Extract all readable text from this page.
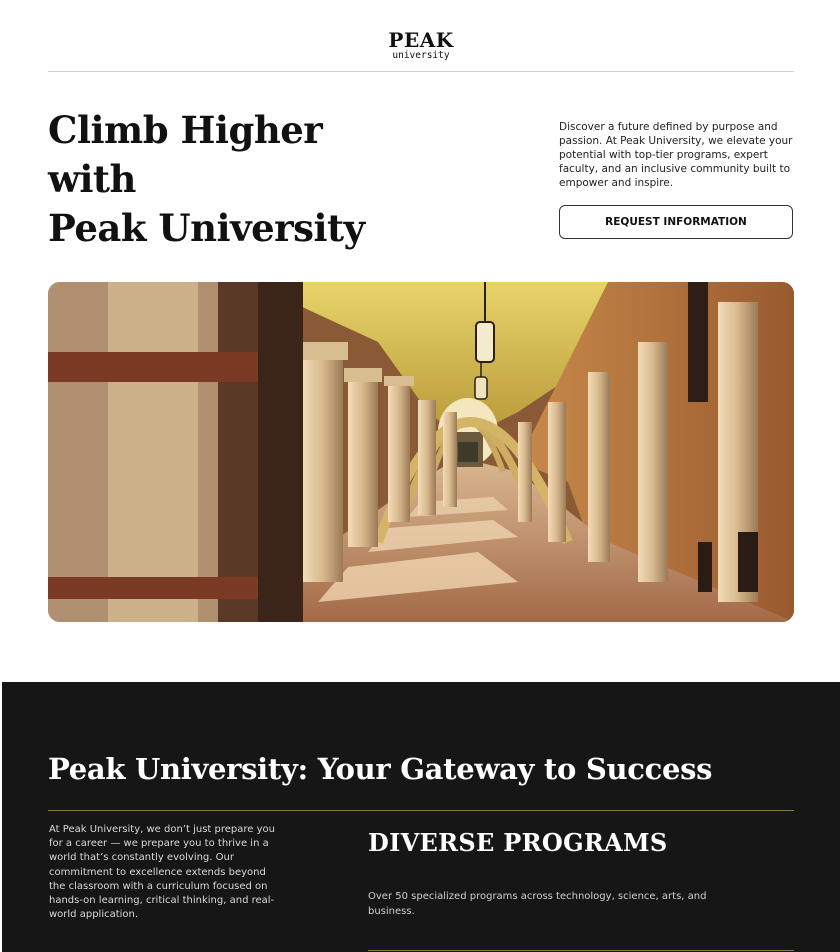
PEAK
university
Climb Higher
with
Peak University

Discover a future defined by purpose and passion. At Peak University, we elevate your potential with top-tier programs, expert faculty, and an inclusive community built to empower and inspire.

REQUEST INFORMATION
Peak University: Your Gateway to Success

At Peak University, we don’t just prepare you for a career — we prepare you to thrive in a world that’s constantly evolving. Our commitment to excellence extends beyond the classroom with a curriculum focused on hands-on learning, critical thinking, and real-world application.

DIVERSE PROGRAMS

Over 50 specialized programs across technology, science, arts, and business.
